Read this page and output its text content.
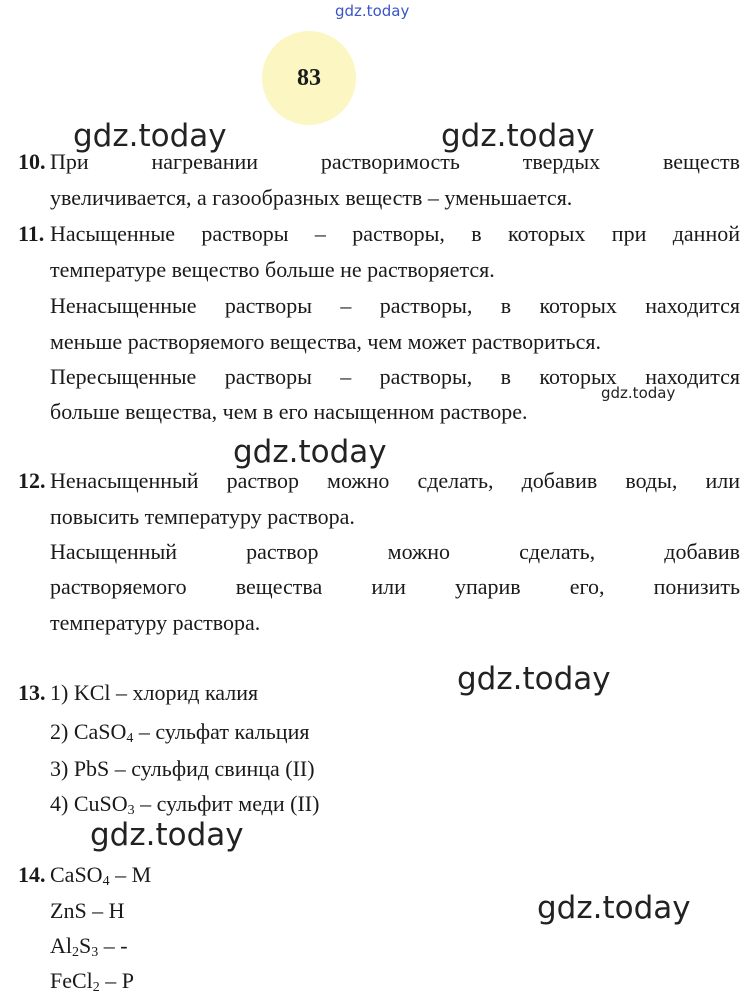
gdz.today
gdz.today	gdz.today
gdz.today
gdz.today
gdz.today
gdz.today
gdz.today
83
10. При нагревании растворимость твердых веществ
увеличивается, а газообразных веществ – уменьшается.
11. Насыщенные растворы – растворы, в которых при данной
температуре вещество больше не растворяется.
Ненасыщенные растворы – растворы, в которых находится
меньше растворяемого вещества, чем может раствориться.
Пересыщенные растворы – растворы, в которых находится
больше вещества, чем в его насыщенном растворе.
12. Ненасыщенный раствор можно сделать, добавив воды, или
повысить температуру раствора.
Насыщенный раствор можно сделать, добавив
растворяемого вещества или упарив его, понизить
температуру раствора.
13. 1) KCl – хлорид калия
2) CaSO$_4$ – сульфат кальция
3) PbS – сульфид свинца (II)
4) CuSO$_3$ – сульфит меди (II)
14. CaSO$_4$ – М
ZnS – Н
$Al_2S_3$ – -
FeCl$_2$ – Р
